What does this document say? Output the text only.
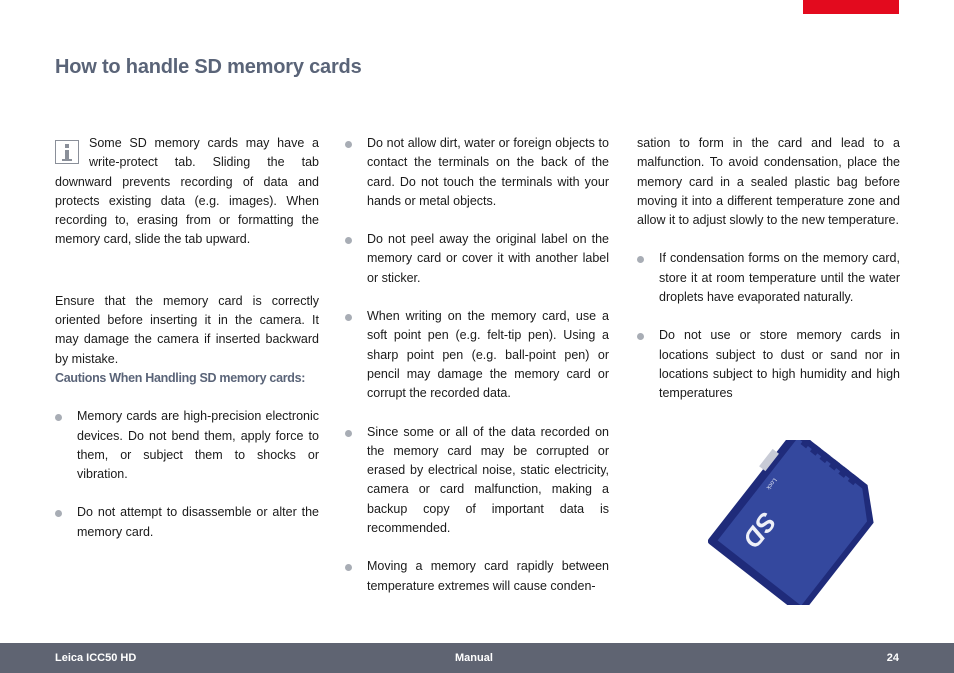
How to handle SD memory cards

Some SD memory cards may have a write-protect tab. Sliding the tab downward prevents recording of data and protects existing data (e.g. images). When recording to, erasing from or formatting the memory card, slide the tab upward.

Ensure that the memory card is correctly oriented before inserting it in the camera. It may damage the camera if inserted backward by mistake.

Cautions When Handling SD memory cards:

Memory cards are high-precision electronic devices. Do not bend them, apply force to them, or subject them to shocks or vibration.

Do not attempt to disassemble or alter the memory card.

Do not allow dirt, water or foreign objects to contact the terminals on the back of the card. Do not touch the terminals with your hands or metal objects.

Do not peel away the original label on the memory card or cover it with another label or sticker.

When writing on the memory card, use a soft point pen (e.g. felt-tip pen). Using a sharp point pen (e.g. ball-point pen) or pencil may damage the memory card or corrupt the recorded data.

Since some or all of the data recorded on the memory card may be corrupted or erased by electrical noise, static electricity, camera or card malfunction, making a backup copy of important data is recommended.

Moving a memory card rapidly between temperature extremes will cause conden-

sation to form in the card and lead to a malfunction. To avoid condensation, place the memory card in a sealed plastic bag before moving it into a different temperature zone and allow it to adjust slowly to the new temperature.

If condensation forms on the memory card, store it at room temperature until the water droplets have evaporated naturally.

Do not use or store memory cards in locations subject to dust or sand nor in locations subject to high humidity and high temperatures

Lock
SD
Leica ICC50 HD	Manual	24
